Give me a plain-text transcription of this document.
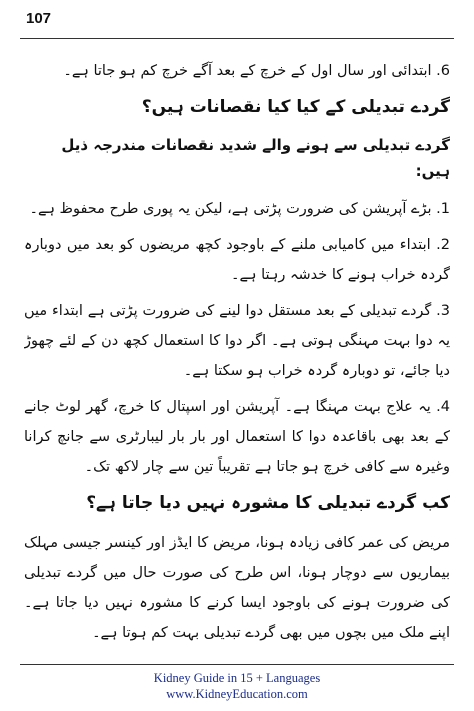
107

6. ابتدائی اور سال اول کے خرچ کے بعد آگے خرچ کم ہو جاتا ہے۔

گردے تبدیلی کے کیا کیا نقصانات ہیں؟

گردے تبدیلی سے ہونے والے شدید نقصانات مندرجہ ذیل ہیں:

1. بڑے آپریشن کی ضرورت پڑتی ہے، لیکن یہ پوری طرح محفوظ ہے۔

2. ابتداء میں کامیابی ملنے کے باوجود کچھ مریضوں کو بعد میں دوبارہ گردہ خراب ہونے کا خدشہ رہتا ہے۔

3. گردے تبدیلی کے بعد مستقل دوا لینے کی ضرورت پڑتی ہے ابتداء میں یہ دوا بہت مہنگی ہوتی ہے۔ اگر دوا کا استعمال کچھ دن کے لئے چھوڑ دیا جائے، تو دوبارہ گردہ خراب ہو سکتا ہے۔

4. یہ علاج بہت مہنگا ہے۔ آپریشن اور اسپتال کا خرچ، گھر لوٹ جانے کے بعد بھی باقاعدہ دوا کا استعمال اور بار بار لیبارٹری سے جانچ کرانا وغیرہ سے کافی خرچ ہو جاتا ہے تقریباً تین سے چار لاکھ تک۔

کب گردے تبدیلی کا مشورہ نہیں دیا جاتا ہے؟

مریض کی عمر کافی زیادہ ہونا، مریض کا ایڈز اور کینسر جیسی مہلک بیماریوں سے دوچار ہونا، اس طرح کی صورت حال میں گردے تبدیلی کی ضرورت ہونے کی باوجود ایسا کرنے کا مشورہ نہیں دیا جاتا ہے۔ اپنے ملک میں بچوں میں بھی گردے تبدیلی بہت کم ہوتا ہے۔

Kidney Guide in 15 + Languages
www.KidneyEducation.com
